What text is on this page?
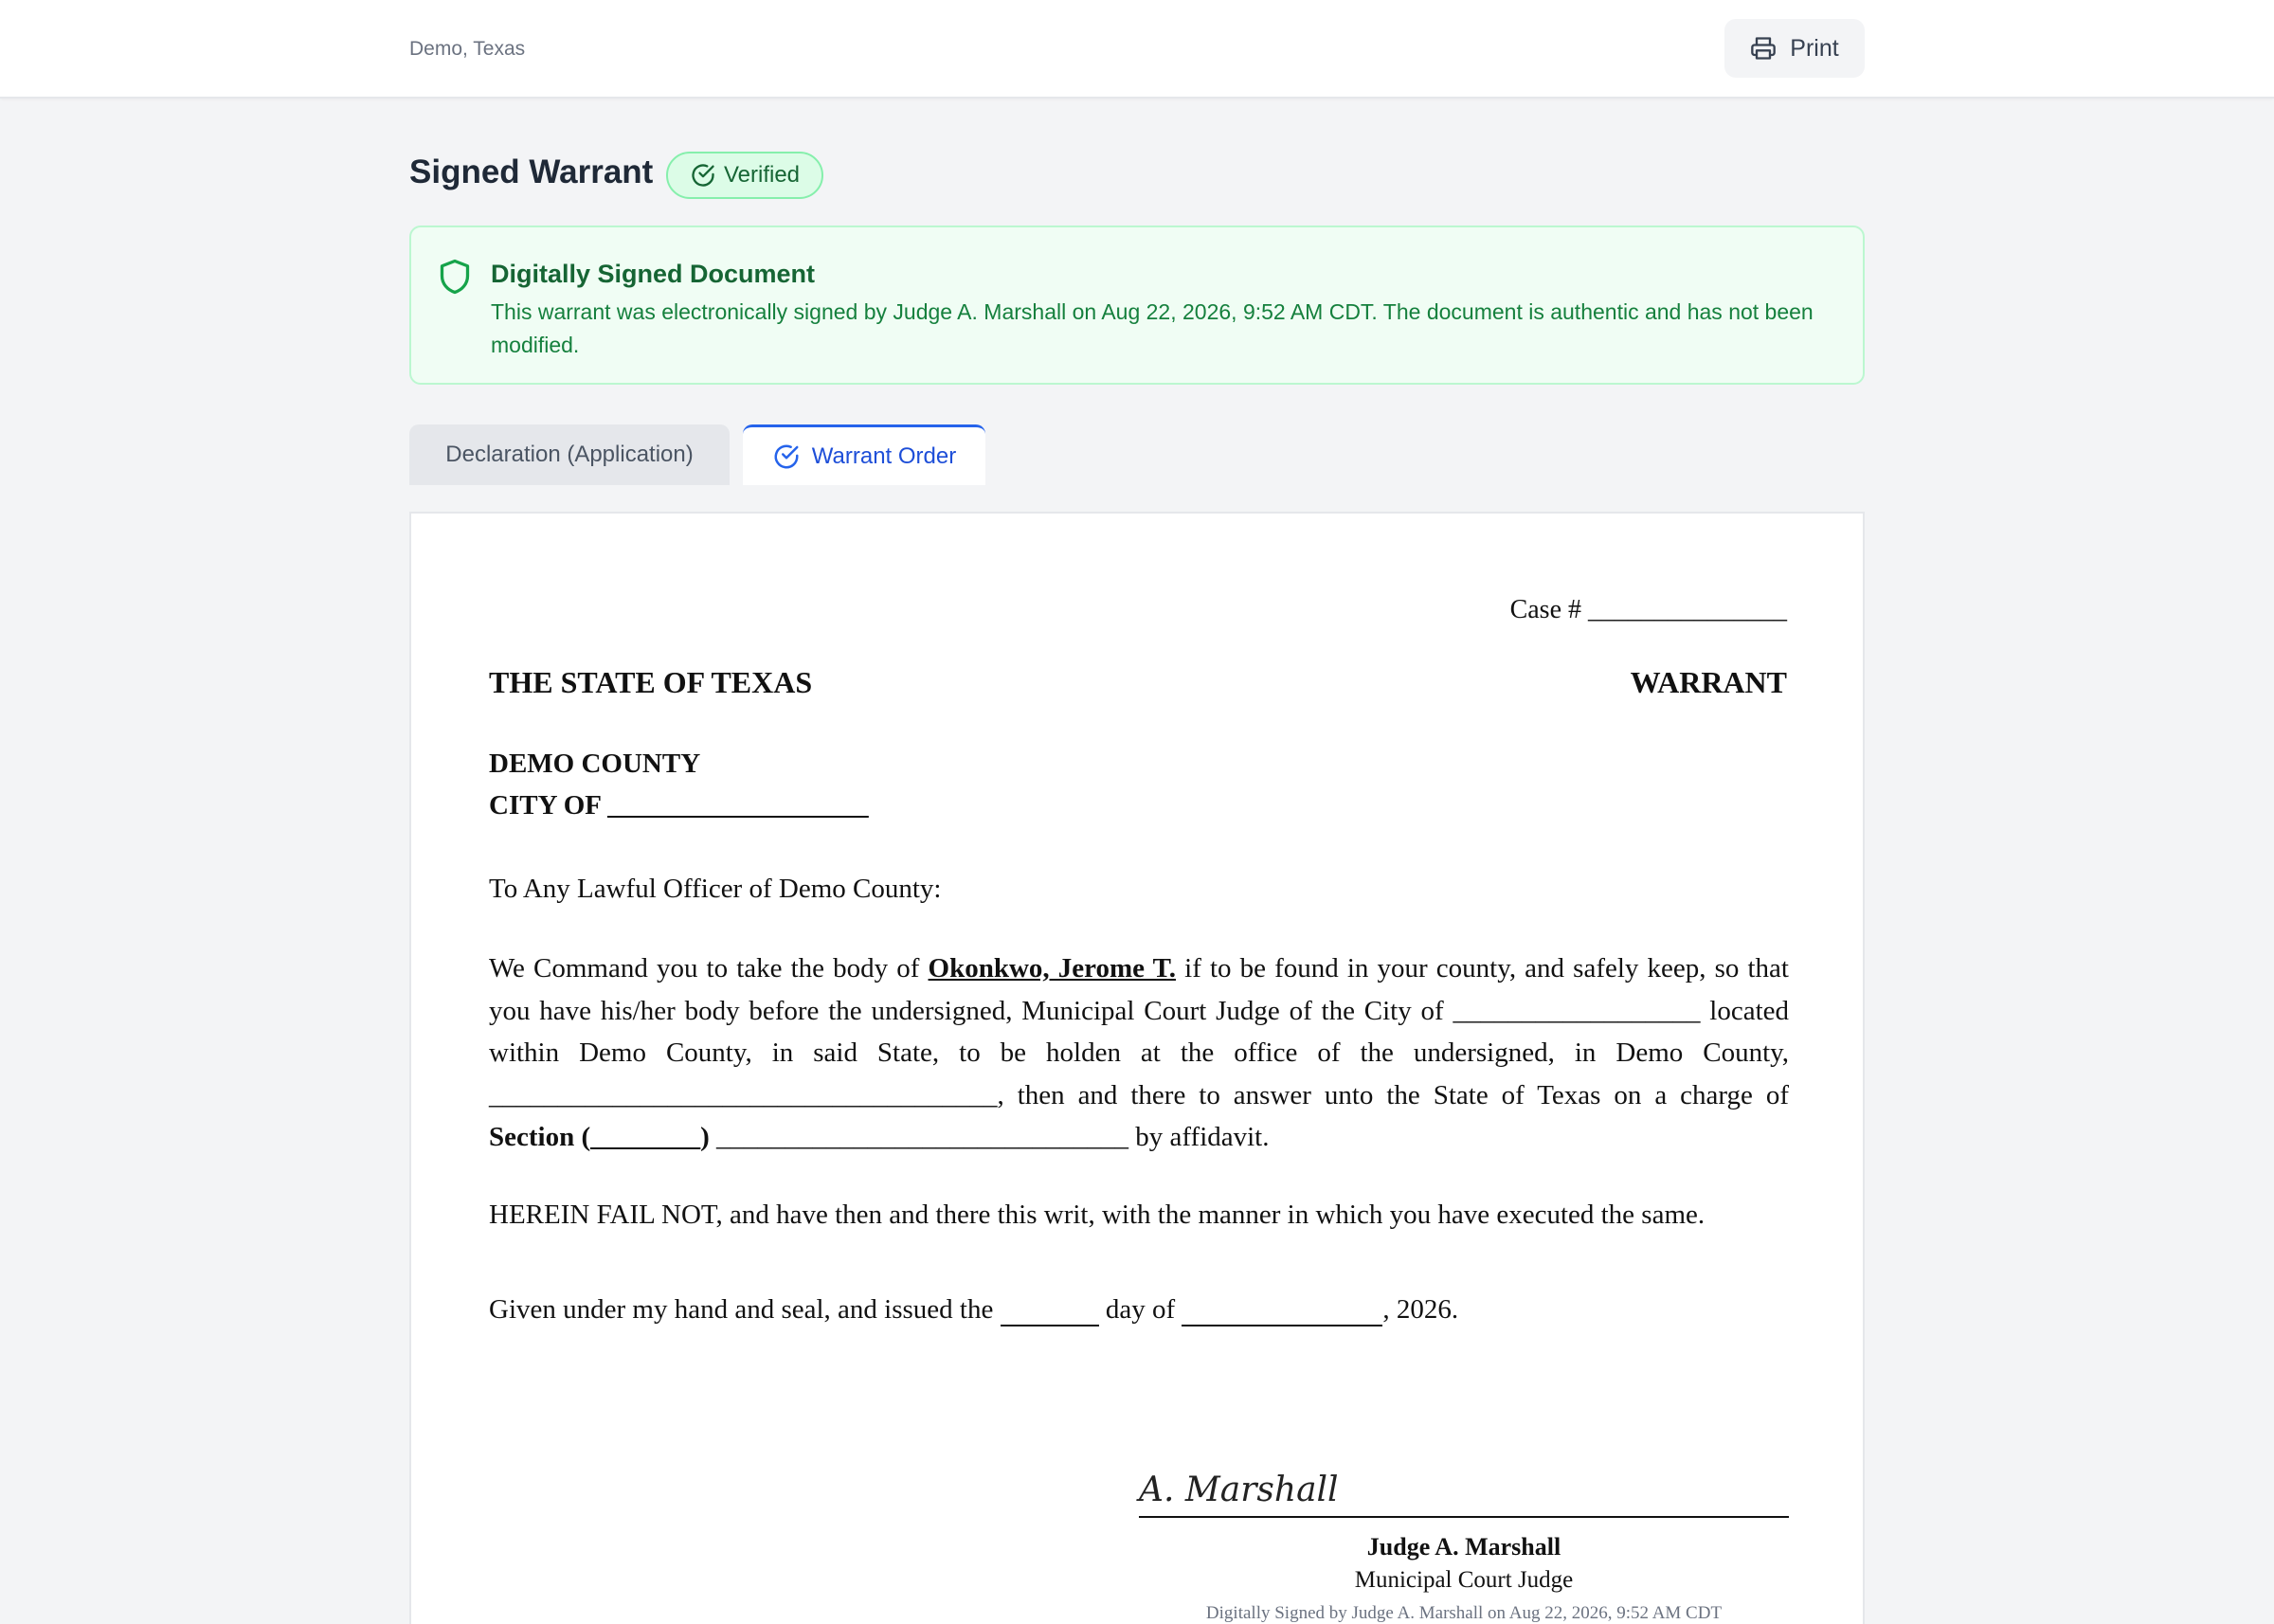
Demo, Texas	Print
Signed Warrant	Verified
Digitally Signed Document
This warrant was electronically signed by Judge A. Marshall on Aug 22, 2026, 9:52 AM CDT. The document is authentic and has not been modified.
Declaration (Application)	Warrant Order
Case # _______________
THE STATE OF TEXAS	WARRANT
DEMO COUNTY
CITY OF ___________________
To Any Lawful Officer of Demo County:

We Command you to take the body of Okonkwo, Jerome T. if to be found in your county, and safely keep, so that you have his/her body before the undersigned, Municipal Court Judge of the City of __________________ located within Demo County, in said State, to be holden at the office of the undersigned, in Demo County, _____________________________________, then and there to answer unto the State of Texas on a charge of Section (________) ______________________________ by affidavit.

HEREIN FAIL NOT, and have then and there this writ, with the manner in which you have executed the same.
Given under my hand and seal, and issued the	day of	, 2026.
A. Marshall
Judge A. Marshall
Municipal Court Judge
Digitally Signed by Judge A. Marshall on Aug 22, 2026, 9:52 AM CDT
